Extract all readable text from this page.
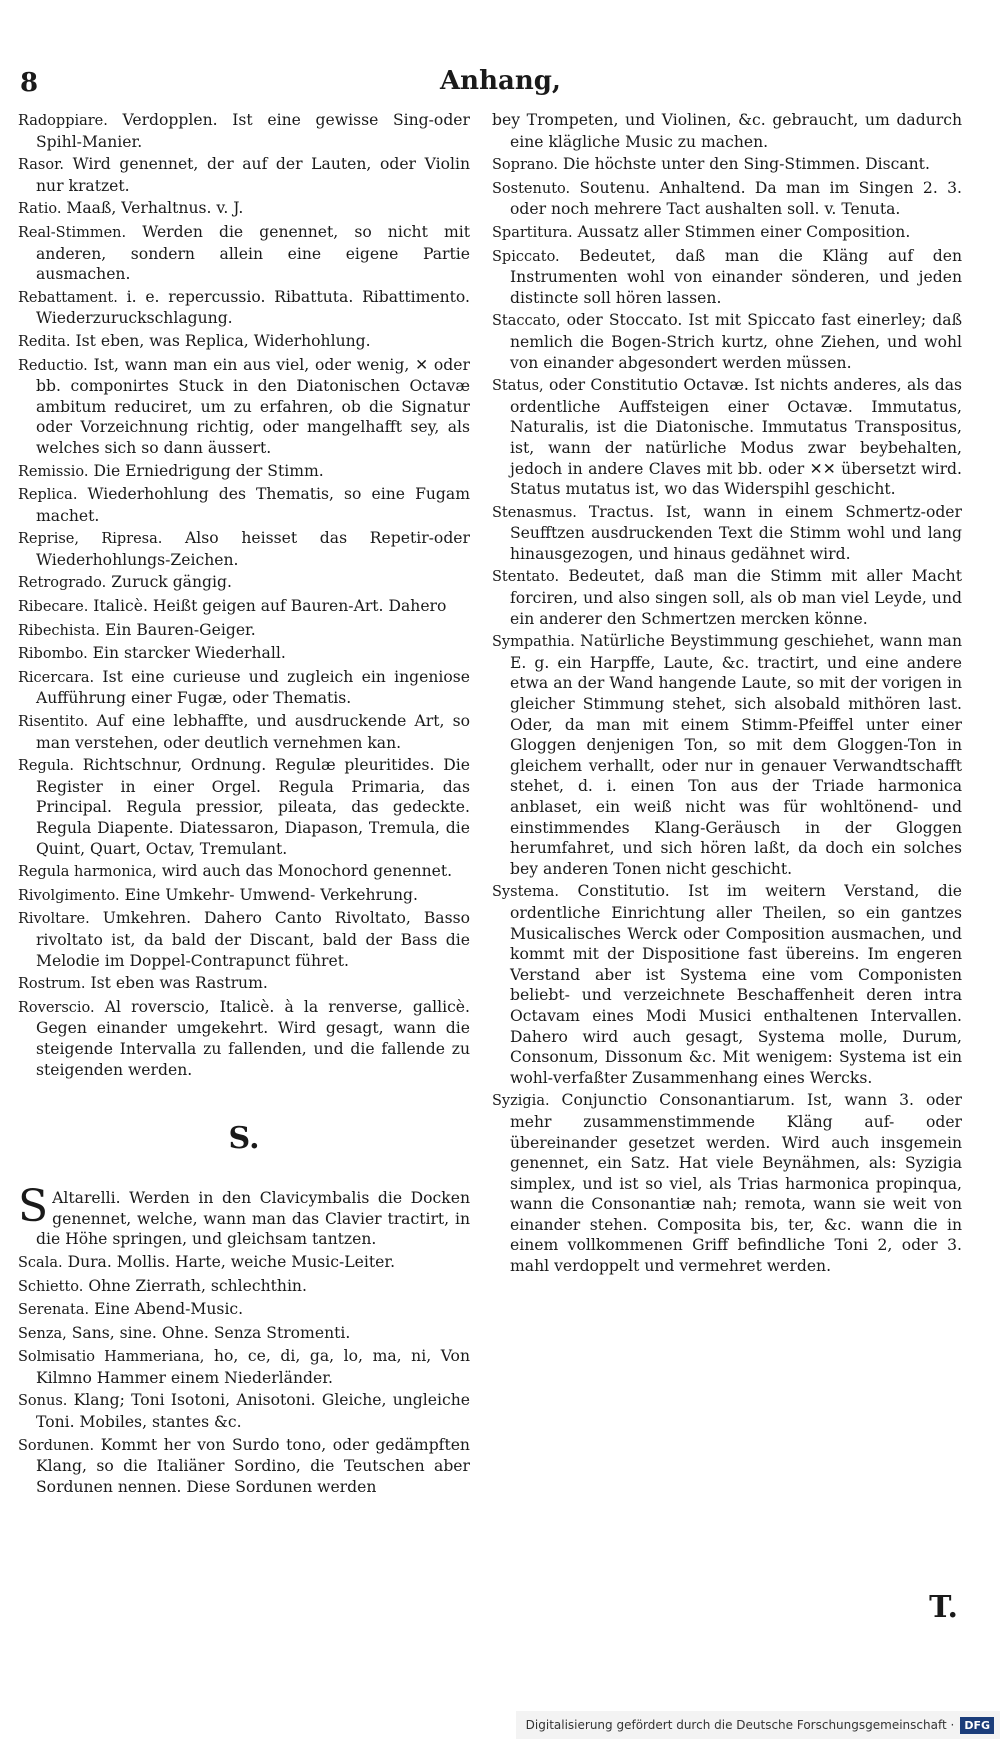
8	Anhang,
Radoppiare. Verdopplen. Ist eine gewisse Sing-oder Spihl-Manier.
Rasor. Wird genennet, der auf der Lauten, oder Violin nur kratzet.
Ratio. Maaß, Verhaltnus. v. J.
Real-Stimmen. Werden die genennet, so nicht mit anderen, sondern allein eine eigene Partie ausmachen.
Rebattament. i. e. repercussio. Ribattuta. Ribattimento. Wiederzuruckschlagung.
Redita. Ist eben, was Replica, Widerhohlung.
Reductio. Ist, wann man ein aus viel, oder wenig, ✕ oder bb. componirtes Stuck in den Diatonischen Octavæ ambitum reduciret, um zu erfahren, ob die Signatur oder Vorzeichnung richtig, oder mangelhafft sey, als welches sich so dann äussert.
Remissio. Die Erniedrigung der Stimm.
Replica. Wiederhohlung des Thematis, so eine Fugam machet.
Reprise, Ripresa. Also heisset das Repetir-oder Wiederhohlungs-Zeichen.
Retrogrado. Zuruck gängig.
Ribecare. Italicè. Heißt geigen auf Bauren-Art. Dahero
Ribechista. Ein Bauren-Geiger.
Ribombo. Ein starcker Wiederhall.
Ricercara. Ist eine curieuse und zugleich ein ingeniose Aufführung einer Fugæ, oder Thematis.
Risentito. Auf eine lebhaffte, und ausdruckende Art, so man verstehen, oder deutlich vernehmen kan.
Regula. Richtschnur, Ordnung. Regulæ pleuritides. Die Register in einer Orgel. Regula Primaria, das Principal. Regula pressior, pileata, das gedeckte. Regula Diapente. Diatessaron, Diapason, Tremula, die Quint, Quart, Octav, Tremulant.
Regula harmonica, wird auch das Monochord genennet.
Rivolgimento. Eine Umkehr- Umwend- Verkehrung.
Rivoltare. Umkehren. Dahero Canto Rivoltato, Basso rivoltato ist, da bald der Discant, bald der Bass die Melodie im Doppel-Contrapunct führet.
Rostrum. Ist eben was Rastrum.
Roverscio. Al roverscio, Italicè. à la renverse, gallicè. Gegen einander umgekehrt. Wird gesagt, wann die steigende Intervalla zu fallenden, und die fallende zu steigenden werden.
S.
S Altarelli. Werden in den Clavicymbalis die Docken genennet, welche, wann man das Clavier tractirt, in die Höhe springen, und gleichsam tantzen.
Scala. Dura. Mollis. Harte, weiche Music-Leiter.
Schietto. Ohne Zierrath, schlechthin.
Serenata. Eine Abend-Music.
Senza, Sans, sine. Ohne. Senza Stromenti.
Solmisatio Hammeriana, ho, ce, di, ga, lo, ma, ni, Von Kilmno Hammer einem Niederländer.
Sonus. Klang; Toni Isotoni, Anisotoni. Gleiche, ungleiche Toni. Mobiles, stantes &c.
Sordunen. Kommt her von Surdo tono, oder gedämpften Klang, so die Italiäner Sordino, die Teutschen aber Sordunen nennen. Diese Sordunen werden
bey Trompeten, und Violinen, &c. gebraucht, um dadurch eine klägliche Music zu machen.
Soprano. Die höchste unter den Sing-Stimmen. Discant.
Sostenuto. Soutenu. Anhaltend. Da man im Singen 2. 3. oder noch mehrere Tact aushalten soll. v. Tenuta.
Spartitura. Aussatz aller Stimmen einer Composition.
Spiccato. Bedeutet, daß man die Kläng auf den Instrumenten wohl von einander sönderen, und jeden distincte soll hören lassen.
Staccato, oder Stoccato. Ist mit Spiccato fast einerley; daß nemlich die Bogen-Strich kurtz, ohne Ziehen, und wohl von einander abgesondert werden müssen.
Status, oder Constitutio Octavæ. Ist nichts anderes, als das ordentliche Auffsteigen einer Octavæ. Immutatus, Naturalis, ist die Diatonische. Immutatus Transpositus, ist, wann der natürliche Modus zwar beybehalten, jedoch in andere Claves mit bb. oder ✕✕ übersetzt wird. Status mutatus ist, wo das Widerspihl geschicht.
Stenasmus. Tractus. Ist, wann in einem Schmertz-oder Seufftzen ausdruckenden Text die Stimm wohl und lang hinausgezogen, und hinaus gedähnet wird.
Stentato. Bedeutet, daß man die Stimm mit aller Macht forciren, und also singen soll, als ob man viel Leyde, und ein anderer den Schmertzen mercken könne.
Sympathia. Natürliche Beystimmung geschiehet, wann man E. g. ein Harpffe, Laute, &c. tractirt, und eine andere etwa an der Wand hangende Laute, so mit der vorigen in gleicher Stimmung stehet, sich alsobald mithören last. Oder, da man mit einem Stimm-Pfeiffel unter einer Gloggen denjenigen Ton, so mit dem Gloggen-Ton in gleichem verhallt, oder nur in genauer Verwandtschafft stehet, d. i. einen Ton aus der Triade harmonica anblaset, ein weiß nicht was für wohltönend- und einstimmendes Klang-Geräusch in der Gloggen herumfahret, und sich hören laßt, da doch ein solches bey anderen Tonen nicht geschicht.
Systema. Constitutio. Ist im weitern Verstand, die ordentliche Einrichtung aller Theilen, so ein gantzes Musicalisches Werck oder Composition ausmachen, und kommt mit der Dispositione fast übereins. Im engeren Verstand aber ist Systema eine vom Componisten beliebt- und verzeichnete Beschaffenheit deren intra Octavam eines Modi Musici enthaltenen Intervallen. Dahero wird auch gesagt, Systema molle, Durum, Consonum, Dissonum &c. Mit wenigem: Systema ist ein wohl-verfaßter Zusammenhang eines Wercks.
Syzigia. Conjunctio Consonantiarum. Ist, wann 3. oder mehr zusammenstimmende Kläng auf- oder übereinander gesetzet werden. Wird auch insgemein genennet, ein Satz. Hat viele Beynähmen, als: Syzigia simplex, und ist so viel, als Trias harmonica propinqua, wann die Consonantiæ nah; remota, wann sie weit von einander stehen. Composita bis, ter, &c. wann die in einem vollkommenen Griff befindliche Toni 2, oder 3. mahl verdoppelt und vermehret werden.
T.
Digitalisierung gefördert durch die Deutsche Forschungsgemeinschaft · DFG
